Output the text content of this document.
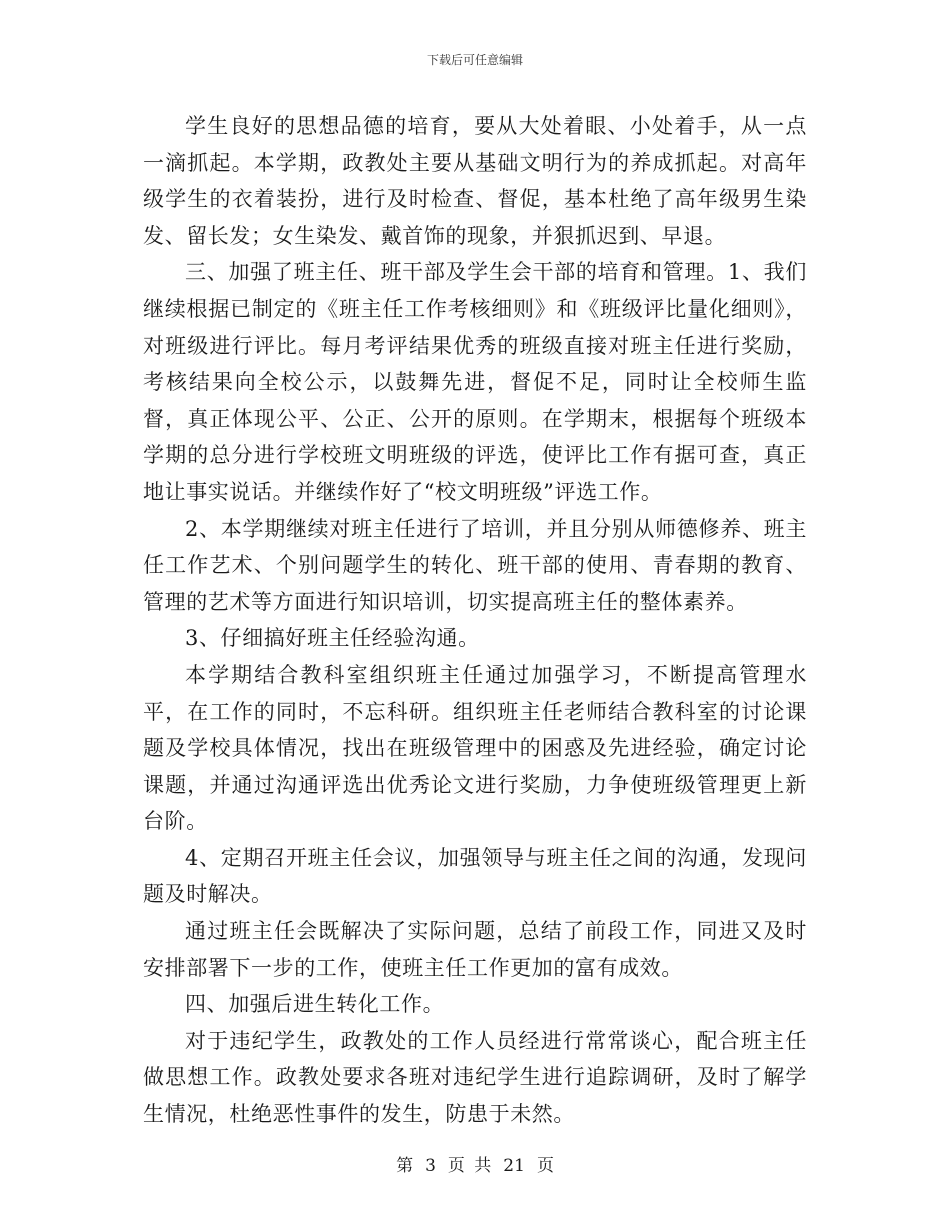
下载后可任意编辑

学生良好的思想品德的培育，要从大处着眼、小处着手，从一点一滴抓起。本学期，政教处主要从基础文明行为的养成抓起。对高年级学生的衣着装扮，进行及时检查、督促，基本杜绝了高年级男生染发、留长发；女生染发、戴首饰的现象，并狠抓迟到、早退。

三、加强了班主任、班干部及学生会干部的培育和管理。1、我们继续根据已制定的《班主任工作考核细则》和《班级评比量化细则》，对班级进行评比。每月考评结果优秀的班级直接对班主任进行奖励，考核结果向全校公示，以鼓舞先进，督促不足，同时让全校师生监督，真正体现公平、公正、公开的原则。在学期末，根据每个班级本学期的总分进行学校班文明班级的评选，使评比工作有据可查，真正地让事实说话。并继续作好了“校文明班级”评选工作。

2、本学期继续对班主任进行了培训，并且分别从师德修养、班主任工作艺术、个别问题学生的转化、班干部的使用、青春期的教育、管理的艺术等方面进行知识培训，切实提高班主任的整体素养。

3、仔细搞好班主任经验沟通。

本学期结合教科室组织班主任通过加强学习，不断提高管理水平，在工作的同时，不忘科研。组织班主任老师结合教科室的讨论课题及学校具体情况，找出在班级管理中的困惑及先进经验，确定讨论课题，并通过沟通评选出优秀论文进行奖励，力争使班级管理更上新台阶。

4、定期召开班主任会议，加强领导与班主任之间的沟通，发现问题及时解决。

通过班主任会既解决了实际问题，总结了前段工作，同进又及时安排部署下一步的工作，使班主任工作更加的富有成效。

四、加强后进生转化工作。

对于违纪学生，政教处的工作人员经进行常常谈心，配合班主任做思想工作。政教处要求各班对违纪学生进行追踪调研，及时了解学生情况，杜绝恶性事件的发生，防患于未然。

第 3 页 共 21 页
